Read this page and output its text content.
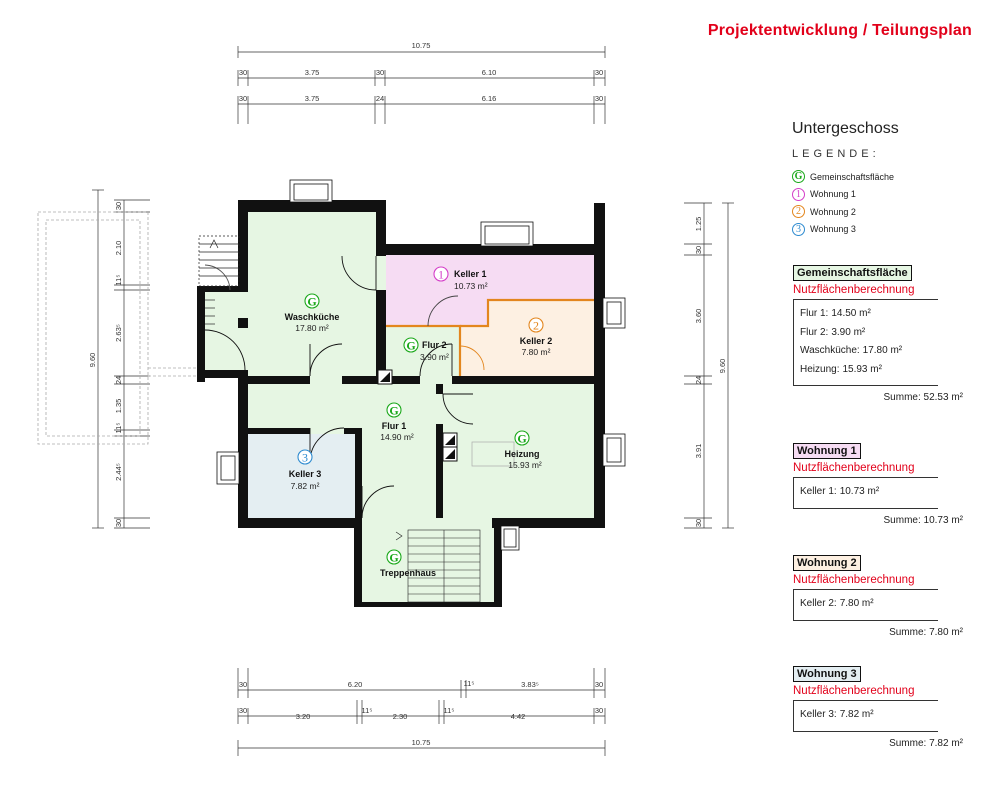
Projektentwicklung / Teilungsplan
10.75
30	3.75	30	6.10	30
30	3.75	24	6.16	30
30	6.20	11⁵	3.83⁵	30
30
3.20
11⁵
2.30
11⁵
4.42
30
10.75
9.60
30
2.10
11⁵
2.63⁵
24
1.35
11⁵
2.44⁵
30
1.25
30
3.60
24
3.91
30
9.60
G
Waschküche
17.80 m²
1 Keller 1
10.73 m²
2
Keller 2
7.80 m²
G Flur 2
3.90 m²
G
Flur 1
14.90 m²	G
Heizung
15.93 m²
3
Keller 3
7.82 m²
G
Treppenhaus
Untergeschoss
LEGENDE:
G Gemeinschaftsfläche
1	Wohnung 1
2	Wohnung 2
3	Wohnung 3
Gemeinschaftsfläche
Nutzflächenberechnung
Flur 1: 14.50 m²
Flur 2: 3.90 m²
Waschküche: 17.80 m²
Heizung: 15.93 m²
Summe: 52.53 m²
Wohnung 1
Nutzflächenberechnung
Keller 1: 10.73 m²
Summe: 10.73 m²
Wohnung 2
Nutzflächenberechnung
Keller 2: 7.80 m²
Summe: 7.80 m²
Wohnung 3
Nutzflächenberechnung
Keller 3: 7.82 m²
Summe: 7.82 m²
